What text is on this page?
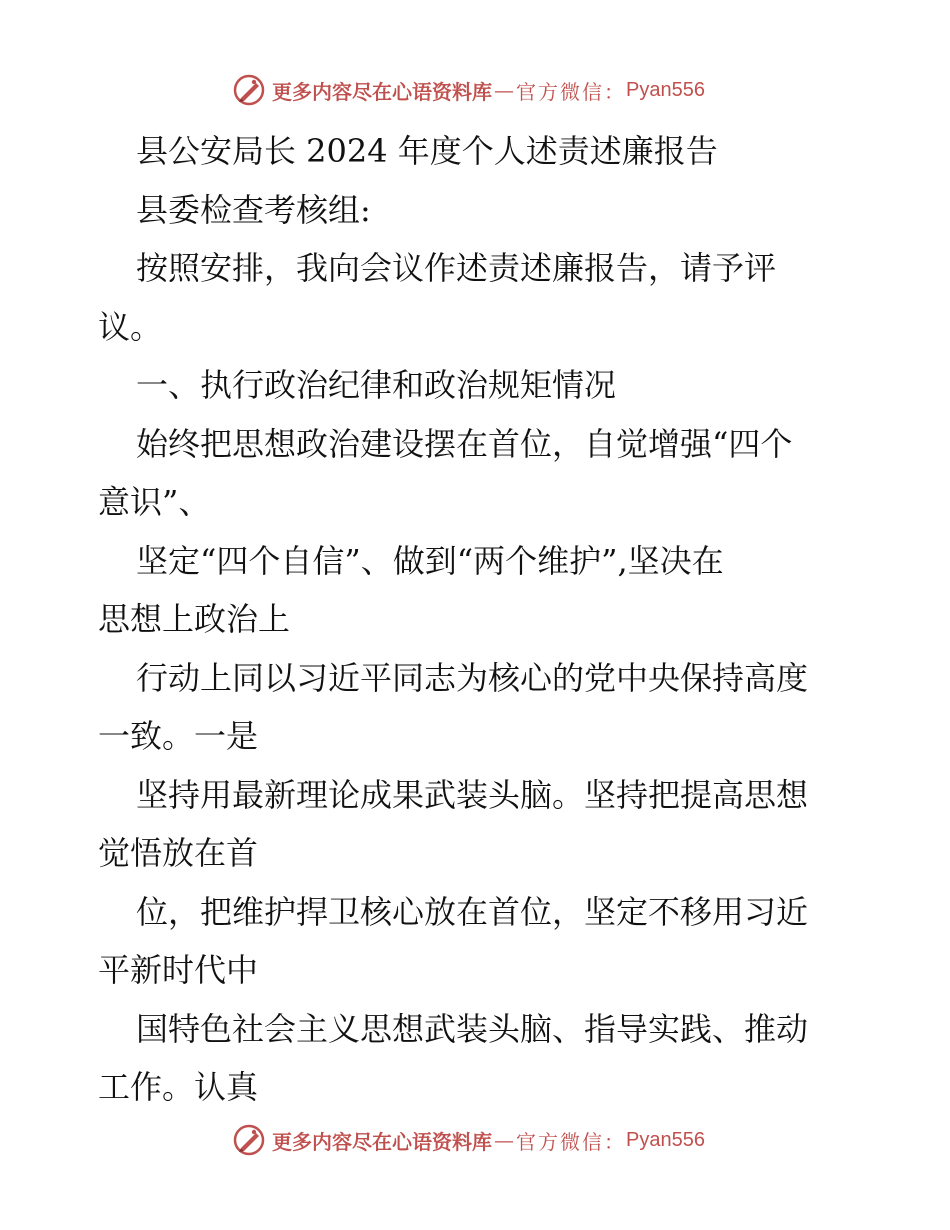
更多内容尽在心语资料库 — 官方微信： Pyan556
县公安局长 2024 年度个人述责述廉报告
县委检查考核组:
按照安排，我向会议作述责述廉报告，请予评
议。
一、执行政治纪律和政治规矩情况
始终把思想政治建设摆在首位，自觉增强“四个
意识”、
坚定“四个自信”、做到“两个维护”,坚决在
思想上政治上
行动上同以习近平同志为核心的党中央保持高度
一致。一是
坚持用最新理论成果武装头脑。坚持把提高思想
觉悟放在首
位，把维护捍卫核心放在首位，坚定不移用习近
平新时代中
国特色社会主义思想武装头脑、指导实践、推动
工作。认真
更多内容尽在心语资料库 — 官方微信： Pyan556
